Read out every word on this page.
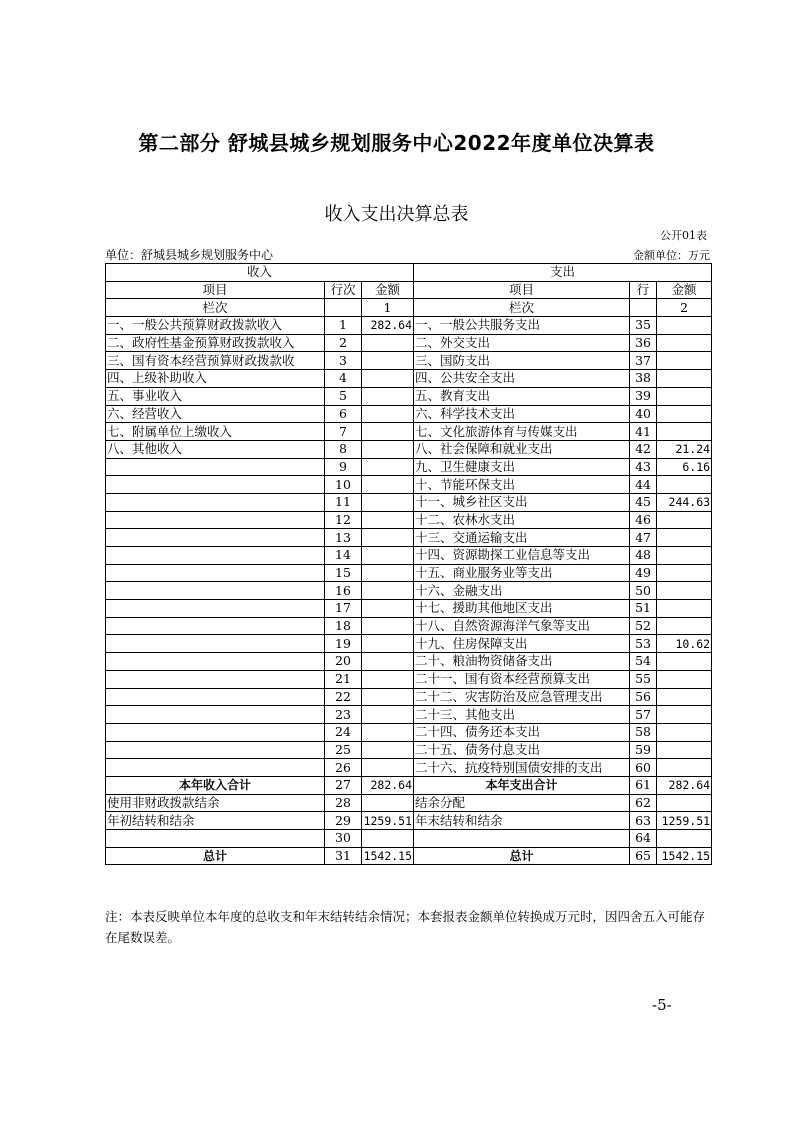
第二部分 舒城县城乡规划服务中心2022年度单位决算表
收入支出决算总表
公开01表
单位：舒城县城乡规划服务中心	金额单位：万元
收入			支出		
项目	行次	金额	项目	行	金额
栏次		1	栏次		2
一、一般公共预算财政拨款收入	1	282.64	一、一般公共服务支出	35	
二、政府性基金预算财政拨款收入	2		二、外交支出	36	
三、国有资本经营预算财政拨款收	3		三、国防支出	37	
四、上级补助收入	4		四、公共安全支出	38	
五、事业收入	5		五、教育支出	39	
六、经营收入	6		六、科学技术支出	40	
七、附属单位上缴收入	7		七、文化旅游体育与传媒支出	41	
八、其他收入	8		八、社会保障和就业支出	42	21.24
	9		九、卫生健康支出	43	6.16
	10		十、节能环保支出	44	
	11		十一、城乡社区支出	45	244.63
	12		十二、农林水支出	46	
	13		十三、交通运输支出	47	
	14		十四、资源勘探工业信息等支出	48	
	15		十五、商业服务业等支出	49	
	16		十六、金融支出	50	
	17		十七、援助其他地区支出	51	
	18		十八、自然资源海洋气象等支出	52	
	19		十九、住房保障支出	53	10.62
	20		二十、粮油物资储备支出	54	
	21		二十一、国有资本经营预算支出	55	
	22		二十二、灾害防治及应急管理支出	56	
	23		二十三、其他支出	57	
	24		二十四、债务还本支出	58	
	25		二十五、债务付息支出	59	
	26		二十六、抗疫特别国债安排的支出	60	
本年收入合计	27	282.64	本年支出合计	61	282.64
使用非财政拨款结余	28		结余分配	62	
年初结转和结余	29	1259.51	年末结转和结余	63	1259.51
	30			64	
总计	31	1542.15	总计	65	1542.15
注：本表反映单位本年度的总收支和年末结转结余情况；本套报表金额单位转换成万元时，因四舍五入可能存在尾数误差。
-5-
